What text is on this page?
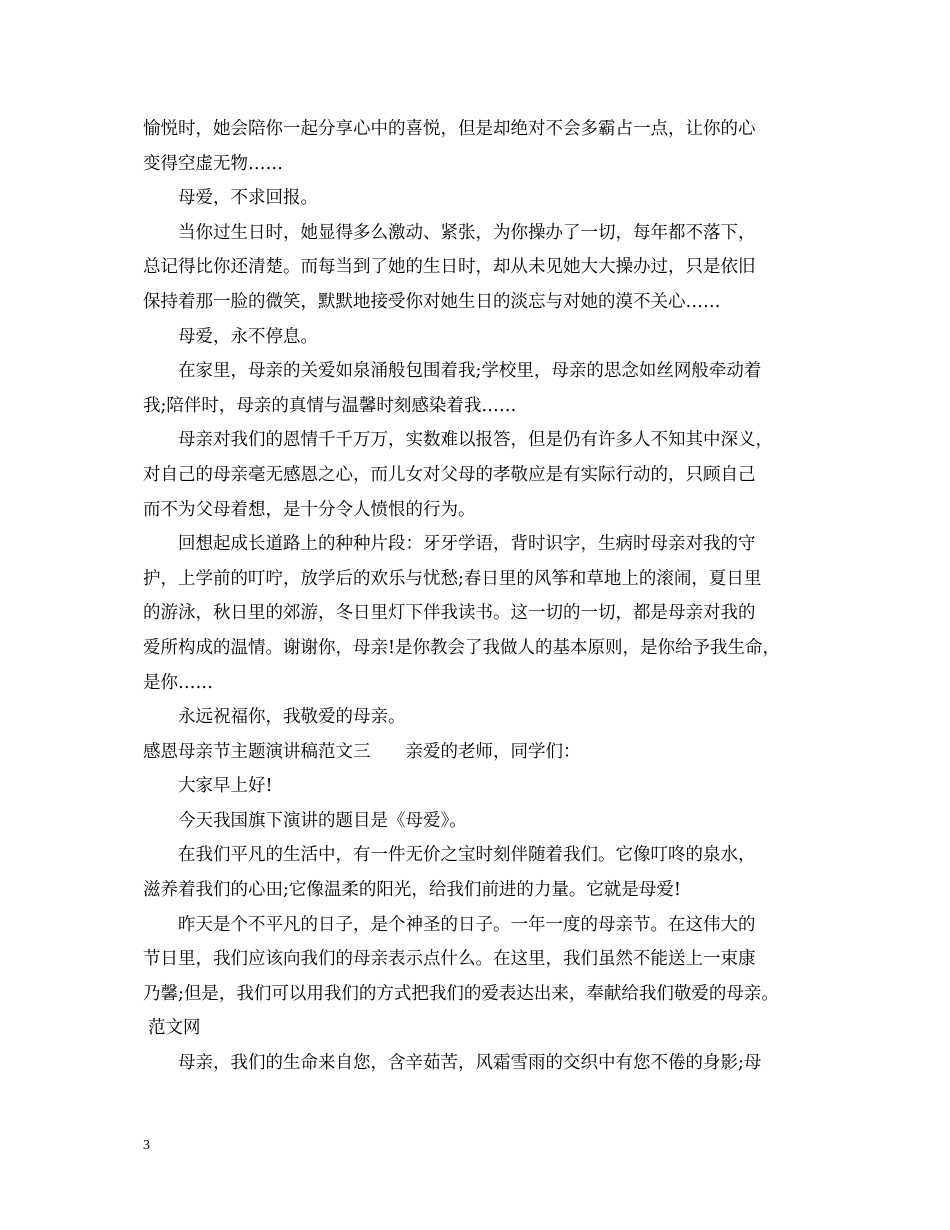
愉悦时，她会陪你一起分享心中的喜悦，但是却绝对不会多霸占一点，让你的心
变得空虚无物……
母爱，不求回报。
当你过生日时，她显得多么激动、紧张，为你操办了一切，每年都不落下，
总记得比你还清楚。而每当到了她的生日时，却从未见她大大操办过，只是依旧
保持着那一脸的微笑，默默地接受你对她生日的淡忘与对她的漠不关心……
母爱，永不停息。
在家里，母亲的关爱如泉涌般包围着我;学校里，母亲的思念如丝网般牵动着
我;陪伴时，母亲的真情与温馨时刻感染着我……
母亲对我们的恩情千千万万，实数难以报答，但是仍有许多人不知其中深义，
对自己的母亲毫无感恩之心，而儿女对父母的孝敬应是有实际行动的，只顾自己
而不为父母着想，是十分令人愤恨的行为。
回想起成长道路上的种种片段：牙牙学语，背时识字，生病时母亲对我的守
护，上学前的叮咛，放学后的欢乐与忧愁;春日里的风筝和草地上的滚闹，夏日里
的游泳，秋日里的郊游，冬日里灯下伴我读书。这一切的一切，都是母亲对我的
爱所构成的温情。谢谢你，母亲!是你教会了我做人的基本原则，是你给予我生命，
是你……
永远祝福你，我敬爱的母亲。
感恩母亲节主题演讲稿范文三　　亲爱的老师，同学们：
大家早上好!
今天我国旗下演讲的题目是《母爱》。
在我们平凡的生活中，有一件无价之宝时刻伴随着我们。它像叮咚的泉水，
滋养着我们的心田;它像温柔的阳光，给我们前进的力量。它就是母爱!
昨天是个不平凡的日子，是个神圣的日子。一年一度的母亲节。在这伟大的
节日里，我们应该向我们的母亲表示点什么。在这里，我们虽然不能送上一束康
乃馨;但是，我们可以用我们的方式把我们的爱表达出来，奉献给我们敬爱的母亲。
范文网
母亲，我们的生命来自您，含辛茹苦，风霜雪雨的交织中有您不倦的身影;母
3
